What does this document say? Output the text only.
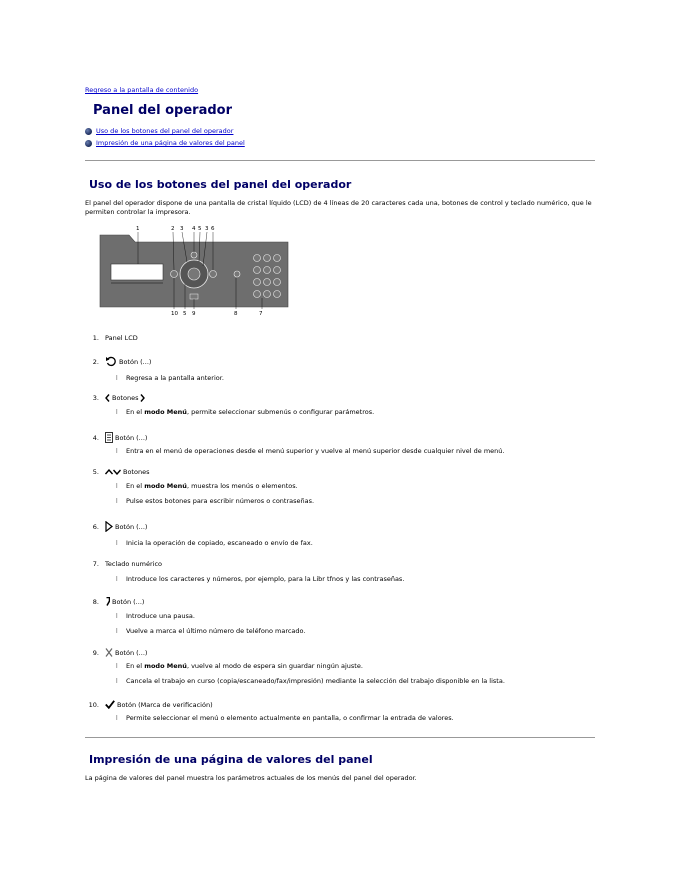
Regreso a la pantalla de contenido
Panel del operador
Uso de los botones del panel del operador
Impresión de una página de valores del panel
Uso de los botones del panel del operador
El panel del operador dispone de una pantalla de cristal líquido (LCD) de 4 líneas de 20 caracteres cada una, botones de control y teclado numérico, que le
permiten controlar la impresora.
1	2 3 4 5 3 6
10 5 9	8	7
1. Panel LCD
2.	Botón (...)
l	Regresa a la pantalla anterior.
3. Botones
l	En el
modo Menú , permite seleccionar submenús o configurar parámetros.
4. Botón (...)
l	Entra en el menú de operaciones desde el menú superior y vuelve al menú superior desde cualquier nivel de menú.
5.	Botones
l	En el
modo Menú , muestra los menús o elementos.
l	Pulse estos botones para escribir números o contraseñas.
6. Botón (...)
l	Inicia la operación de copiado, escaneado o envío de fax.
7. Teclado numérico
l	Introduce los caracteres y números, por ejemplo, para la Libr tfnos y las contraseñas.
8. Botón (...)
l	Introduce una pausa.
l	Vuelve a marca el último número de teléfono marcado.
9. Botón (...)
l	En el
modo Menú , vuelve al modo de espera sin guardar ningún ajuste.
l	Cancela el trabajo en curso (copia/escaneado/fax/impresión) mediante la selección del trabajo disponible en la lista.
10.	Botón (Marca de verificación)
l	Permite seleccionar el menú o elemento actualmente en pantalla, o confirmar la entrada de valores.
Impresión de una página de valores del panel
La página de valores del panel muestra los parámetros actuales de los menús del panel del operador.
